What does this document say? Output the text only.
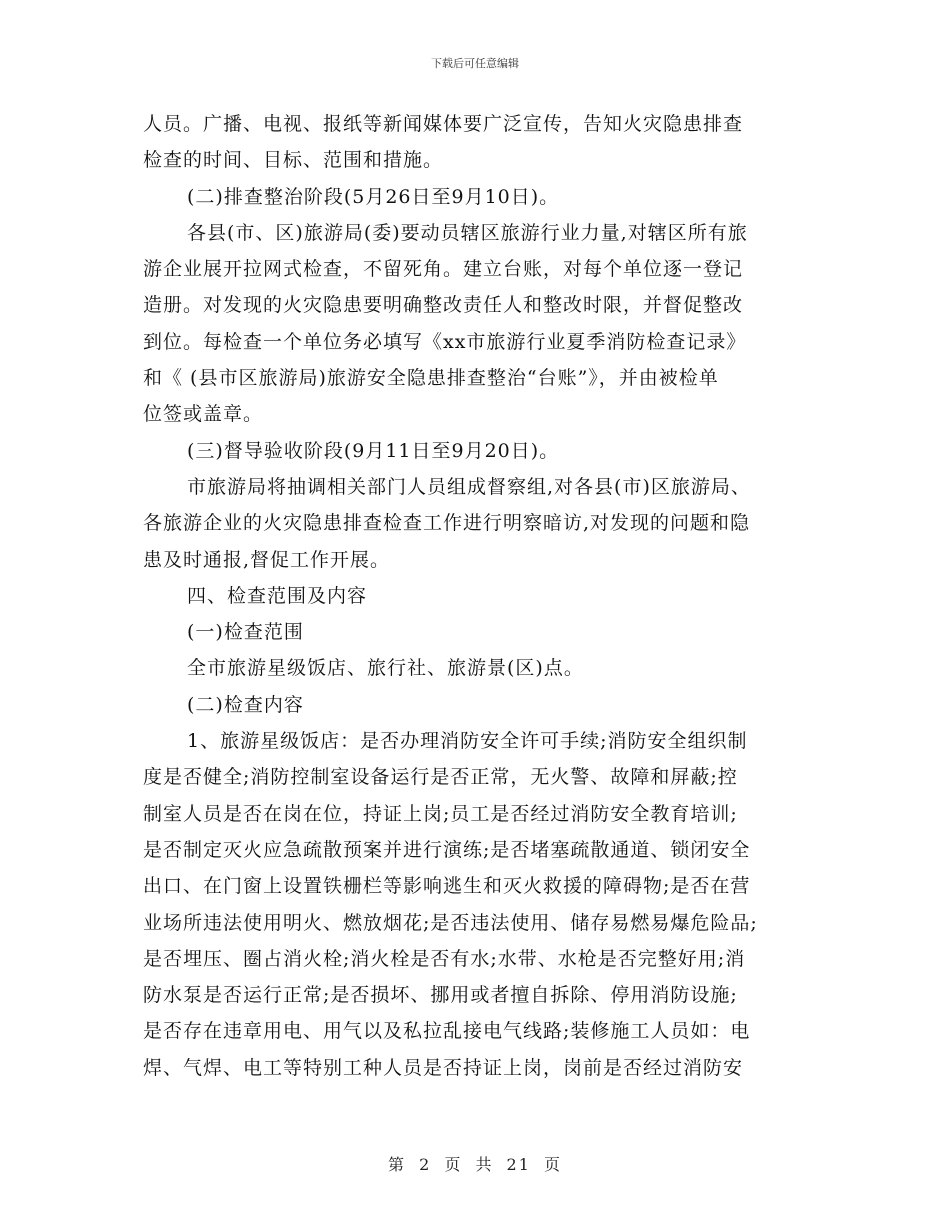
下载后可任意编辑

人员。广播、电视、报纸等新闻媒体要广泛宣传，告知火灾隐患排查

检查的时间、目标、范围和措施。

(二)排查整治阶段(5月26日至9月10日)。

各县(市、区)旅游局(委)要动员辖区旅游行业力量,对辖区所有旅

游企业展开拉网式检查，不留死角。建立台账，对每个单位逐一登记

造册。对发现的火灾隐患要明确整改责任人和整改时限，并督促整改

到位。每检查一个单位务必填写《xx市旅游行业夏季消防检查记录》

和《 (县市区旅游局)旅游安全隐患排查整治“台账”》，并由被检单

位签或盖章。

(三)督导验收阶段(9月11日至9月20日)。

市旅游局将抽调相关部门人员组成督察组,对各县(市)区旅游局、

各旅游企业的火灾隐患排查检查工作进行明察暗访,对发现的问题和隐

患及时通报,督促工作开展。

四、检查范围及内容

(一)检查范围

全市旅游星级饭店、旅行社、旅游景(区)点。

(二)检查内容

1、旅游星级饭店：是否办理消防安全许可手续;消防安全组织制

度是否健全;消防控制室设备运行是否正常，无火警、故障和屏蔽;控

制室人员是否在岗在位，持证上岗;员工是否经过消防安全教育培训;

是否制定灭火应急疏散预案并进行演练;是否堵塞疏散通道、锁闭安全

出口、在门窗上设置铁栅栏等影响逃生和灭火救援的障碍物;是否在营

业场所违法使用明火、燃放烟花;是否违法使用、储存易燃易爆危险品;

是否埋压、圈占消火栓;消火栓是否有水;水带、水枪是否完整好用;消

防水泵是否运行正常;是否损坏、挪用或者擅自拆除、停用消防设施;

是否存在违章用电、用气以及私拉乱接电气线路;装修施工人员如：电

焊、气焊、电工等特别工种人员是否持证上岗，岗前是否经过消防安

第 2 页 共 21 页
